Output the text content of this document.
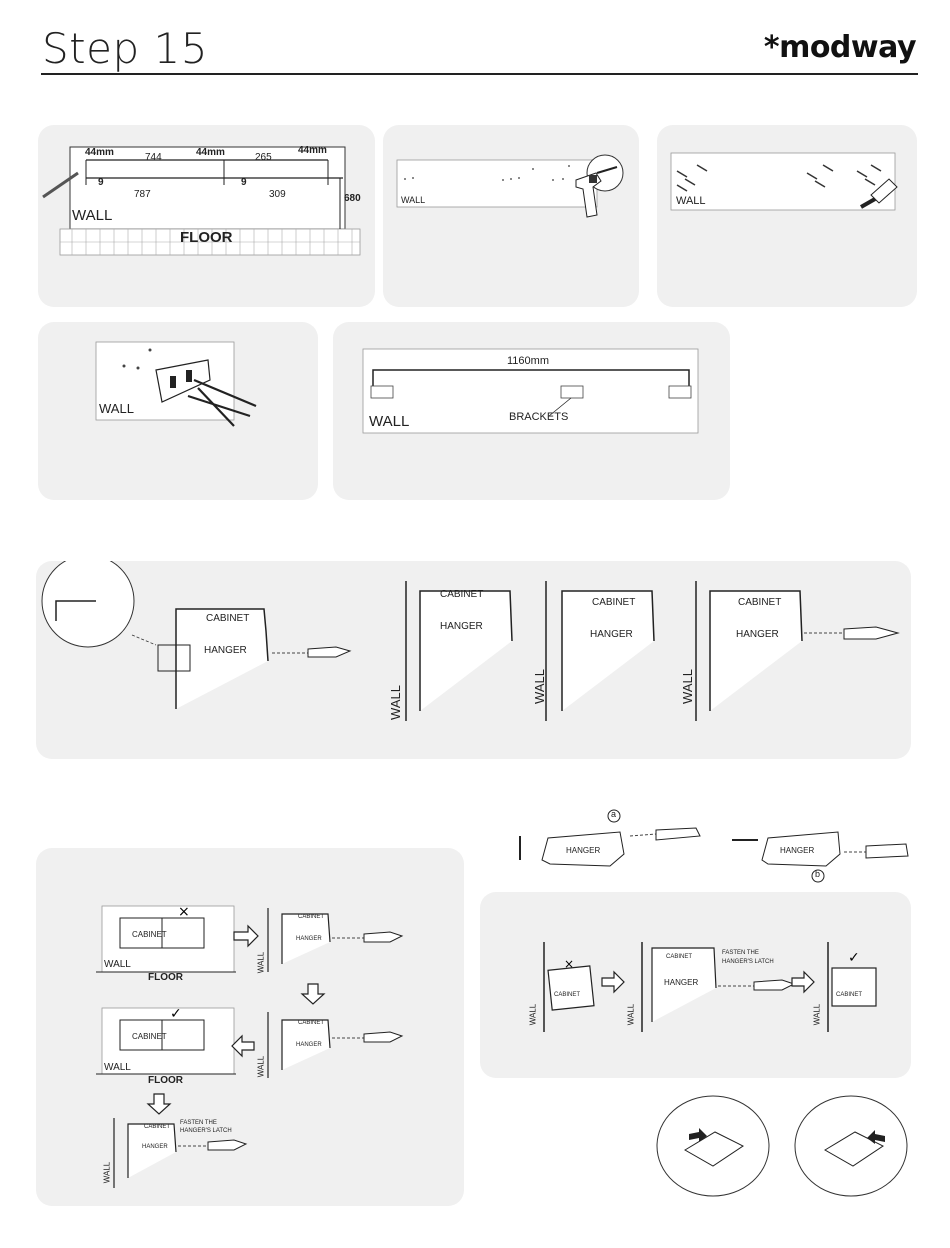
Step 15	*modway
44mm	744	44mm	265
44mm
9
787
9
309	680
WALL
FLOOR
WALL	WALL
WALL
1160mm
WALL	BRACKETS
CABINET
HANGER
CABINET
HANGER
WALL
CABINET
HANGER
WALL
CABINET
HANGER
WALL
a
b
HANGER	HANGER
×
✓
CABINET
WALL
FLOOR
CABINET
HANGER
WALL
CABINET
WALL
FLOOR
CABINET
HANGER
WALL
CABINET
HANGER
FASTEN THE
HANGER'S LATCH
WALL
×	✓
CABINET
WALL
CABINET
HANGER
FASTEN THE
HANGER'S LATCH
WALL
CABINET
WALL
